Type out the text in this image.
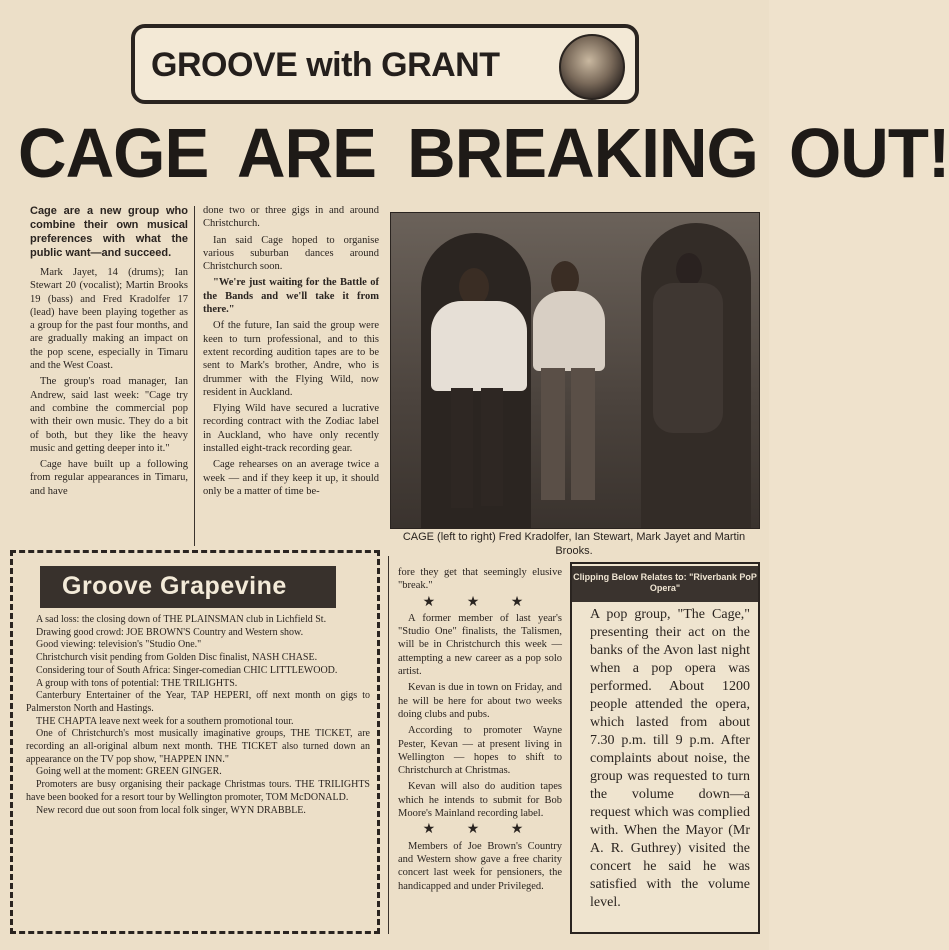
GROOVE with GRANT
CAGE ARE BREAKING OUT!

Cage are a new group who combine their own musical preferences with what the public want—and succeed.

Mark Jayet, 14 (drums); Ian Stewart 20 (vocalist); Martin Brooks 19 (bass) and Fred Kradolfer 17 (lead) have been playing together as a group for the past four months, and are gradually making an impact on the pop scene, especially in Timaru and the West Coast.

The group's road manager, Ian Andrew, said last week: "Cage try and combine the commercial pop with their own music. They do a bit of both, but they like the heavy music and getting deeper into it."

Cage have built up a following from regular appearances in Timaru, and have

done two or three gigs in and around Christchurch.

Ian said Cage hoped to organise various suburban dances around Christchurch soon.

"We're just waiting for the Battle of the Bands and we'll take it from there."

Of the future, Ian said the group were keen to turn professional, and to this extent recording audition tapes are to be sent to Mark's brother, Andre, who is drummer with the Flying Wild, now resident in Auckland.

Flying Wild have secured a lucrative recording contract with the Zodiac label in Auckland, who have only recently installed eight-track recording gear.

Cage rehearses on an average twice a week — and if they keep it up, it should only be a matter of time be-

CAGE (left to right) Fred Kradolfer, Ian Stewart, Mark Jayet and Martin Brooks.
Groove Grapevine

A sad loss: the closing down of THE PLAINSMAN club in Lichfield St.

Drawing good crowd: JOE BROWN'S Country and Western show.

Good viewing: television's "Studio One."

Christchurch visit pending from Golden Disc finalist, NASH CHASE.

Considering tour of South Africa: Singer-comedian CHIC LITTLEWOOD.

A group with tons of potential: THE TRILIGHTS.

Canterbury Entertainer of the Year, TAP HEPERI, off next month on gigs to Palmerston North and Hastings.

THE CHAPTA leave next week for a southern promotional tour.

One of Christchurch's most musically imaginative groups, THE TICKET, are recording an all-original album next month. THE TICKET also turned down an appearance on the TV pop show, "HAPPEN INN."

Going well at the moment: GREEN GINGER.

Promoters are busy organising their package Christmas tours. THE TRILIGHTS have been booked for a resort tour by Wellington promoter, TOM McDONALD.

New record due out soon from local folk singer, WYN DRABBLE.

fore they get that seemingly elusive "break."

★ ★ ★

A former member of last year's "Studio One" finalists, the Talismen, will be in Christchurch this week — attempting a new career as a pop solo artist.

Kevan is due in town on Friday, and he will be here for about two weeks doing clubs and pubs.

According to promoter Wayne Pester, Kevan — at present living in Wellington — hopes to shift to Christchurch at Christmas.

Kevan will also do audition tapes which he intends to submit for Bob Moore's Mainland recording label.

★ ★ ★

Members of Joe Brown's Country and Western show gave a free charity concert last week for pensioners, the handicapped and under Privileged.

Clipping Below Relates to: "Riverbank PoP Opera"
A pop group, "The Cage," presenting their act on the banks of the Avon last night when a pop opera was performed. About 1200 people attended the opera, which lasted from about 7.30 p.m. till 9 p.m. After complaints about noise, the group was requested to turn the volume down—a request which was complied with. When the Mayor (Mr A. R. Guthrey) visited the concert he said he was satisfied with the volume level.
